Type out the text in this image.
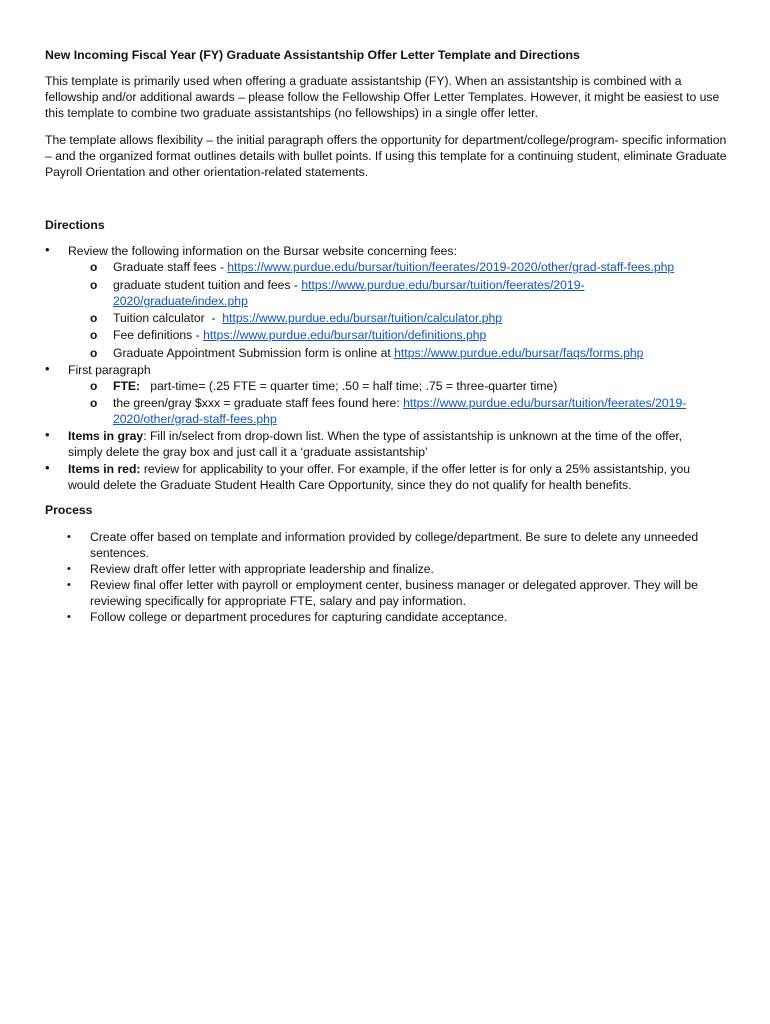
New Incoming Fiscal Year (FY) Graduate Assistantship Offer Letter Template and Directions
This template is primarily used when offering a graduate assistantship (FY). When an assistantship is combined with a fellowship and/or additional awards – please follow the Fellowship Offer Letter Templates. However, it might be easiest to use this template to combine two graduate assistantships (no fellowships) in a single offer letter.
The template allows flexibility – the initial paragraph offers the opportunity for department/college/program- specific information – and the organized format outlines details with bullet points. If using this template for a continuing student, eliminate Graduate Payroll Orientation and other orientation-related statements.
Directions
• Review the following information on the Bursar website concerning fees:
o Graduate staff fees - https://www.purdue.edu/bursar/tuition/feerates/2019-2020/other/grad-staff-fees.php
o graduate student tuition and fees - https://www.purdue.edu/bursar/tuition/feerates/2019-2020/graduate/index.php
o Tuition calculator  -  https://www.purdue.edu/bursar/tuition/calculator.php
o Fee definitions - https://www.purdue.edu/bursar/tuition/definitions.php
o Graduate Appointment Submission form is online at https://www.purdue.edu/bursar/faqs/forms.php
• First paragraph
o FTE:   part-time= (.25 FTE = quarter time; .50 = half time; .75 = three-quarter time)
o the green/gray $xxx = graduate staff fees found here: https://www.purdue.edu/bursar/tuition/feerates/2019-2020/other/grad-staff-fees.php
• Items in gray: Fill in/select from drop-down list. When the type of assistantship is unknown at the time of the offer, simply delete the gray box and just call it a ‘graduate assistantship’
• Items in red: review for applicability to your offer. For example, if the offer letter is for only a 25% assistantship, you would delete the Graduate Student Health Care Opportunity, since they do not qualify for health benefits.
Process
• Create offer based on template and information provided by college/department. Be sure to delete any unneeded sentences.
• Review draft offer letter with appropriate leadership and finalize.
• Review final offer letter with payroll or employment center, business manager or delegated approver. They will be reviewing specifically for appropriate FTE, salary and pay information.
• Follow college or department procedures for capturing candidate acceptance.
